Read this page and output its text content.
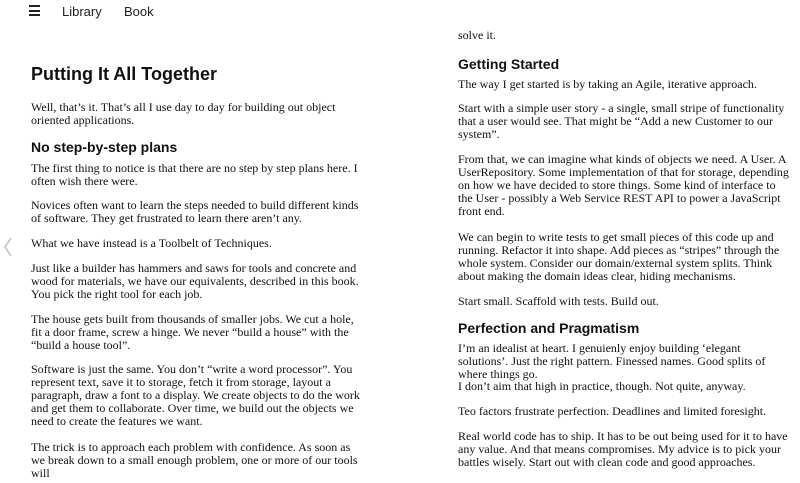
Library Book
Putting It All Together

Well, that’s it. That’s all I use day to day for building out object oriented applications.

No step-by-step plans

The first thing to notice is that there are no step by step plans here. I often wish there were.

Novices often want to learn the steps needed to build different kinds of software. They get frustrated to learn there aren’t any.

What we have instead is a Toolbelt of Techniques.

Just like a builder has hammers and saws for tools and concrete and wood for materials, we have our equivalents, described in this book. You pick the right tool for each job.

The house gets built from thousands of smaller jobs. We cut a hole, fit a door frame, screw a hinge. We never “build a house” with the “build a house tool”.

Software is just the same. You don’t “write a word processor”. You represent text, save it to storage, fetch it from storage, layout a paragraph, draw a font to a display. We create objects to do the work and get them to collaborate. Over time, we build out the objects we need to create the features we want.

The trick is to approach each problem with confidence. As soon as we break down to a small enough problem, one or more of our tools will

solve it.

Getting Started

The way I get started is by taking an Agile, iterative approach.

Start with a simple user story - a single, small stripe of functionality that a user would see. That might be “Add a new Customer to our system”.

From that, we can imagine what kinds of objects we need. A User. A UserRepository. Some implementation of that for storage, depending on how we have decided to store things. Some kind of interface to the User - possibly a Web Service REST API to power a JavaScript front end.

We can begin to write tests to get small pieces of this code up and running. Refactor it into shape. Add pieces as “stripes” through the whole system. Consider our domain/external system splits. Think about making the domain ideas clear, hiding mechanisms.

Start small. Scaffold with tests. Build out.

Perfection and Pragmatism

I’m an idealist at heart. I genuienly enjoy building ‘elegant solutions’. Just the right pattern. Finessed names. Good splits of where things go.

I don’t aim that high in practice, though. Not quite, anyway.

Teo factors frustrate perfection. Deadlines and limited foresight.

Real world code has to ship. It has to be out being used for it to have any value. And that means compromises. My advice is to pick your battles wisely. Start out with clean code and good approaches.
